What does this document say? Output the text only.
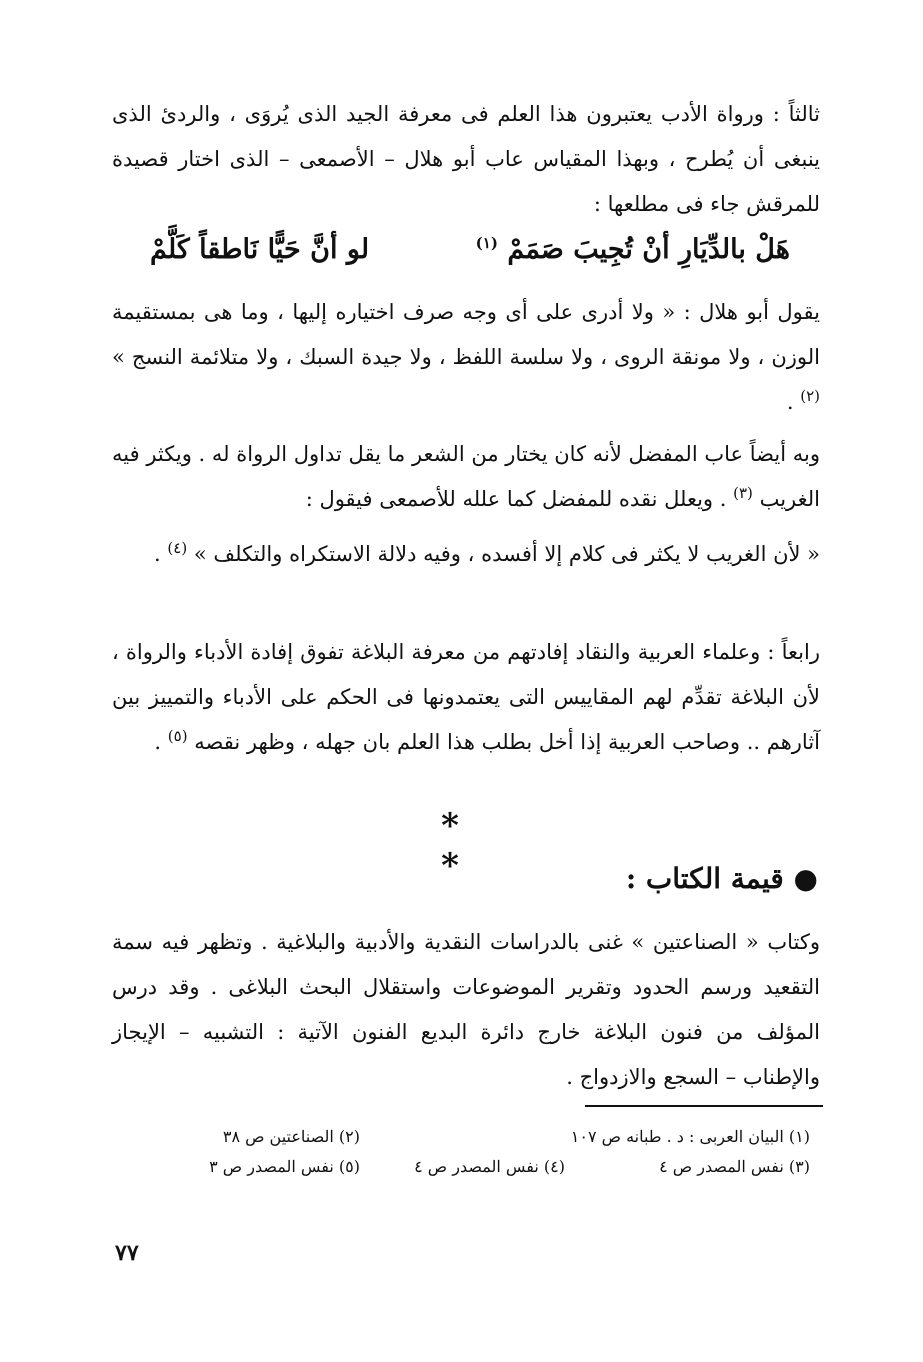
ثالثاً : ورواة الأدب يعتبرون هذا العلم فى معرفة الجيد الذى يُروَى ، والردئ الذى ينبغى أن يُطرح ، وبهذا المقياس عاب أبو هلال – الأصمعى – الذى اختار قصيدة للمرقش جاء فى مطلعها :

هَلْ بالدِّيَارِ أنْ تُجِيبَ صَمَمْ $^{(١)}$
لو أنَّ حَيًّا نَاطقاً كَلَّمْ

يقول أبو هلال : « ولا أدرى على أى وجه صرف اختياره إليها ، وما هى بمستقيمة الوزن ، ولا مونقة الروى ، ولا سلسة اللفظ ، ولا جيدة السبك ، ولا متلائمة النسج » $^{(٢)}$ .

وبه أيضاً عاب المفضل لأنه كان يختار من الشعر ما يقل تداول الرواة له . ويكثر فيه الغريب $^{(٣)}$ . ويعلل نقده للمفضل كما علله للأصمعى فيقول :

« لأن الغريب لا يكثر فى كلام إلا أفسده ، وفيه دلالة الاستكراه والتكلف » $^{(٤)}$ .

رابعاً : وعلماء العربية والنقاد إفادتهم من معرفة البلاغة تفوق إفادة الأدباء والرواة ، لأن البلاغة تقدِّم لهم المقاييس التى يعتمدونها فى الحكم على الأدباء والتمييز بين آثارهم .. وصاحب العربية إذا أخل بطلب هذا العلم بان جهله ، وظهر نقصه $^{(٥)}$ .

* *	● قيمة الكتاب :

وكتاب « الصناعتين » غنى بالدراسات النقدية والأدبية والبلاغية . وتظهر فيه سمة التقعيد ورسم الحدود وتقرير الموضوعات واستقلال البحث البلاغى . وقد درس المؤلف من فنون البلاغة خارج دائرة البديع الفنون الآتية : التشبيه – الإيجاز والإطناب – السجع والازدواج .

(١) البيان العربى : د . طبانه ص ١٠٧
(٢) الصناعتين ص ٣٨
(٣) نفس المصدر ص ٤
(٤) نفس المصدر ص ٤
(٥) نفس المصدر ص ٣
٧٧
